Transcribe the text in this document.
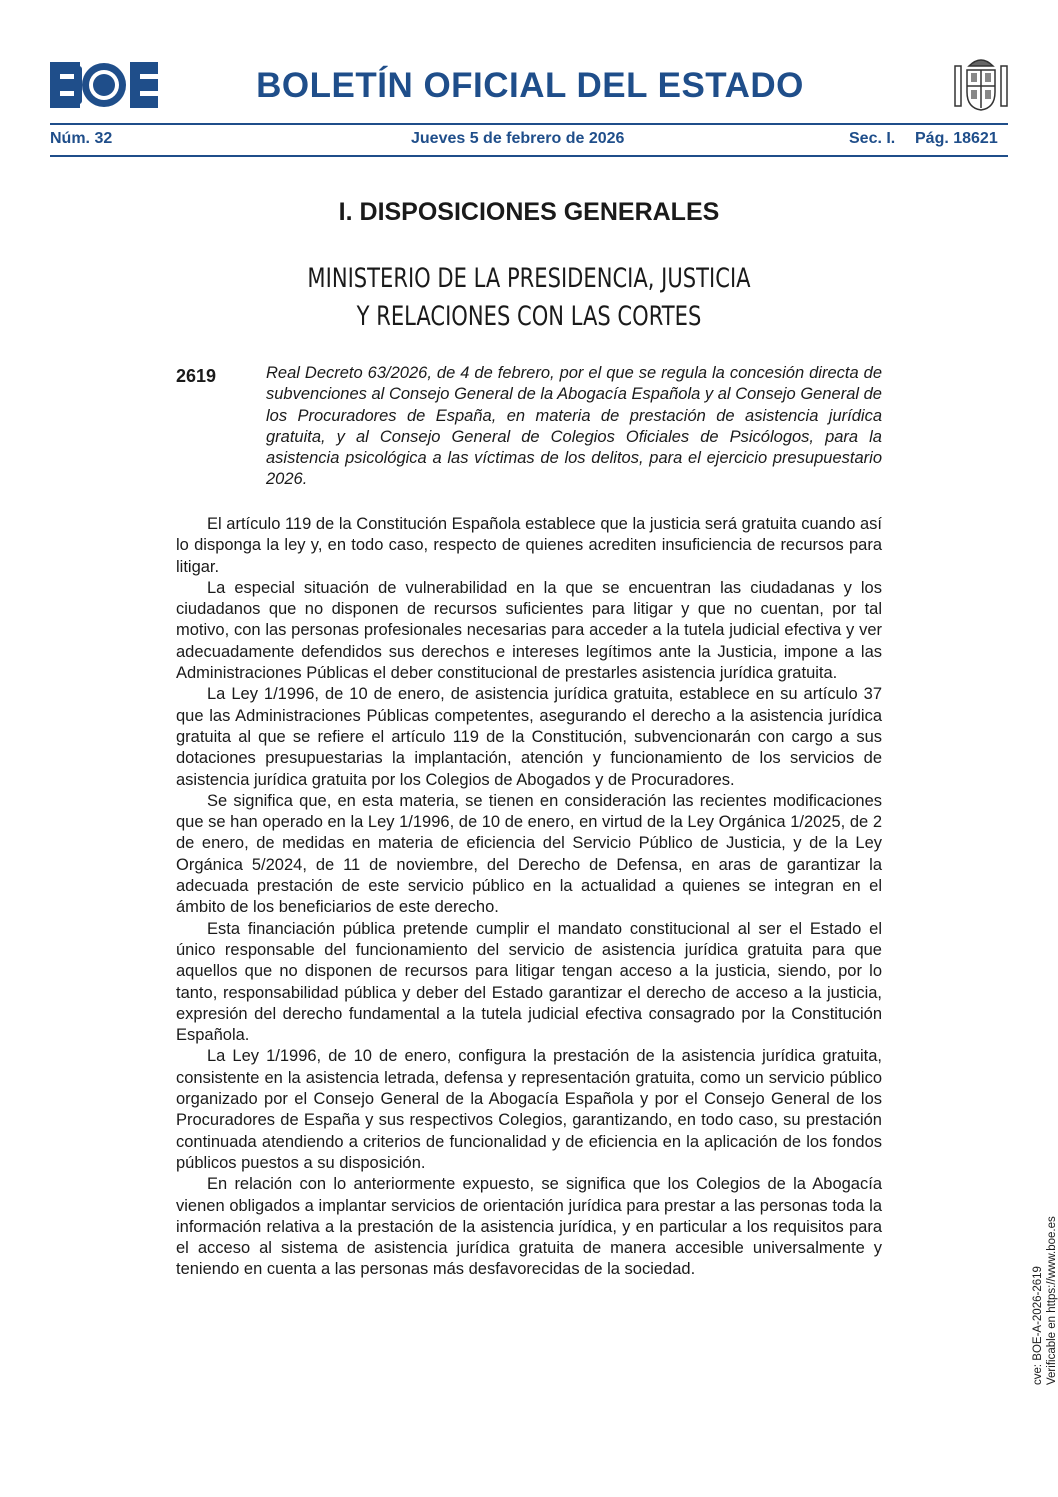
BOLETÍN OFICIAL DEL ESTADO
Núm. 32	Jueves 5 de febrero de 2026	Sec. I. Pág. 18621
I. DISPOSICIONES GENERALES
MINISTERIO DE LA PRESIDENCIA, JUSTICIA
Y RELACIONES CON LAS CORTES
2619	Real Decreto 63/2026, de 4 de febrero, por el que se regula la concesión directa de subvenciones al Consejo General de la Abogacía Española y al Consejo General de los Procuradores de España, en materia de prestación de asistencia jurídica gratuita, y al Consejo General de Colegios Oficiales de Psicólogos, para la asistencia psicológica a las víctimas de los delitos, para el ejercicio presupuestario 2026.

El artículo 119 de la Constitución Española establece que la justicia será gratuita cuando así lo disponga la ley y, en todo caso, respecto de quienes acrediten insuficiencia de recursos para litigar.

La especial situación de vulnerabilidad en la que se encuentran las ciudadanas y los ciudadanos que no disponen de recursos suficientes para litigar y que no cuentan, por tal motivo, con las personas profesionales necesarias para acceder a la tutela judicial efectiva y ver adecuadamente defendidos sus derechos e intereses legítimos ante la Justicia, impone a las Administraciones Públicas el deber constitucional de prestarles asistencia jurídica gratuita.

La Ley 1/1996, de 10 de enero, de asistencia jurídica gratuita, establece en su artículo 37 que las Administraciones Públicas competentes, asegurando el derecho a la asistencia jurídica gratuita al que se refiere el artículo 119 de la Constitución, subvencionarán con cargo a sus dotaciones presupuestarias la implantación, atención y funcionamiento de los servicios de asistencia jurídica gratuita por los Colegios de Abogados y de Procuradores.

Se significa que, en esta materia, se tienen en consideración las recientes modificaciones que se han operado en la Ley 1/1996, de 10 de enero, en virtud de la Ley Orgánica 1/2025, de 2 de enero, de medidas en materia de eficiencia del Servicio Público de Justicia, y de la Ley Orgánica 5/2024, de 11 de noviembre, del Derecho de Defensa, en aras de garantizar la adecuada prestación de este servicio público en la actualidad a quienes se integran en el ámbito de los beneficiarios de este derecho.

Esta financiación pública pretende cumplir el mandato constitucional al ser el Estado el único responsable del funcionamiento del servicio de asistencia jurídica gratuita para que aquellos que no disponen de recursos para litigar tengan acceso a la justicia, siendo, por lo tanto, responsabilidad pública y deber del Estado garantizar el derecho de acceso a la justicia, expresión del derecho fundamental a la tutela judicial efectiva consagrado por la Constitución Española.

La Ley 1/1996, de 10 de enero, configura la prestación de la asistencia jurídica gratuita, consistente en la asistencia letrada, defensa y representación gratuita, como un servicio público organizado por el Consejo General de la Abogacía Española y por el Consejo General de los Procuradores de España y sus respectivos Colegios, garantizando, en todo caso, su prestación continuada atendiendo a criterios de funcionalidad y de eficiencia en la aplicación de los fondos públicos puestos a su disposición.

En relación con lo anteriormente expuesto, se significa que los Colegios de la Abogacía vienen obligados a implantar servicios de orientación jurídica para prestar a las personas toda la información relativa a la prestación de la asistencia jurídica, y en particular a los requisitos para el acceso al sistema de asistencia jurídica gratuita de manera accesible universalmente y teniendo en cuenta a las personas más desfavorecidas de la sociedad.	cve: BOE-A-2026-2619 Verificable en https://www.boe.es
